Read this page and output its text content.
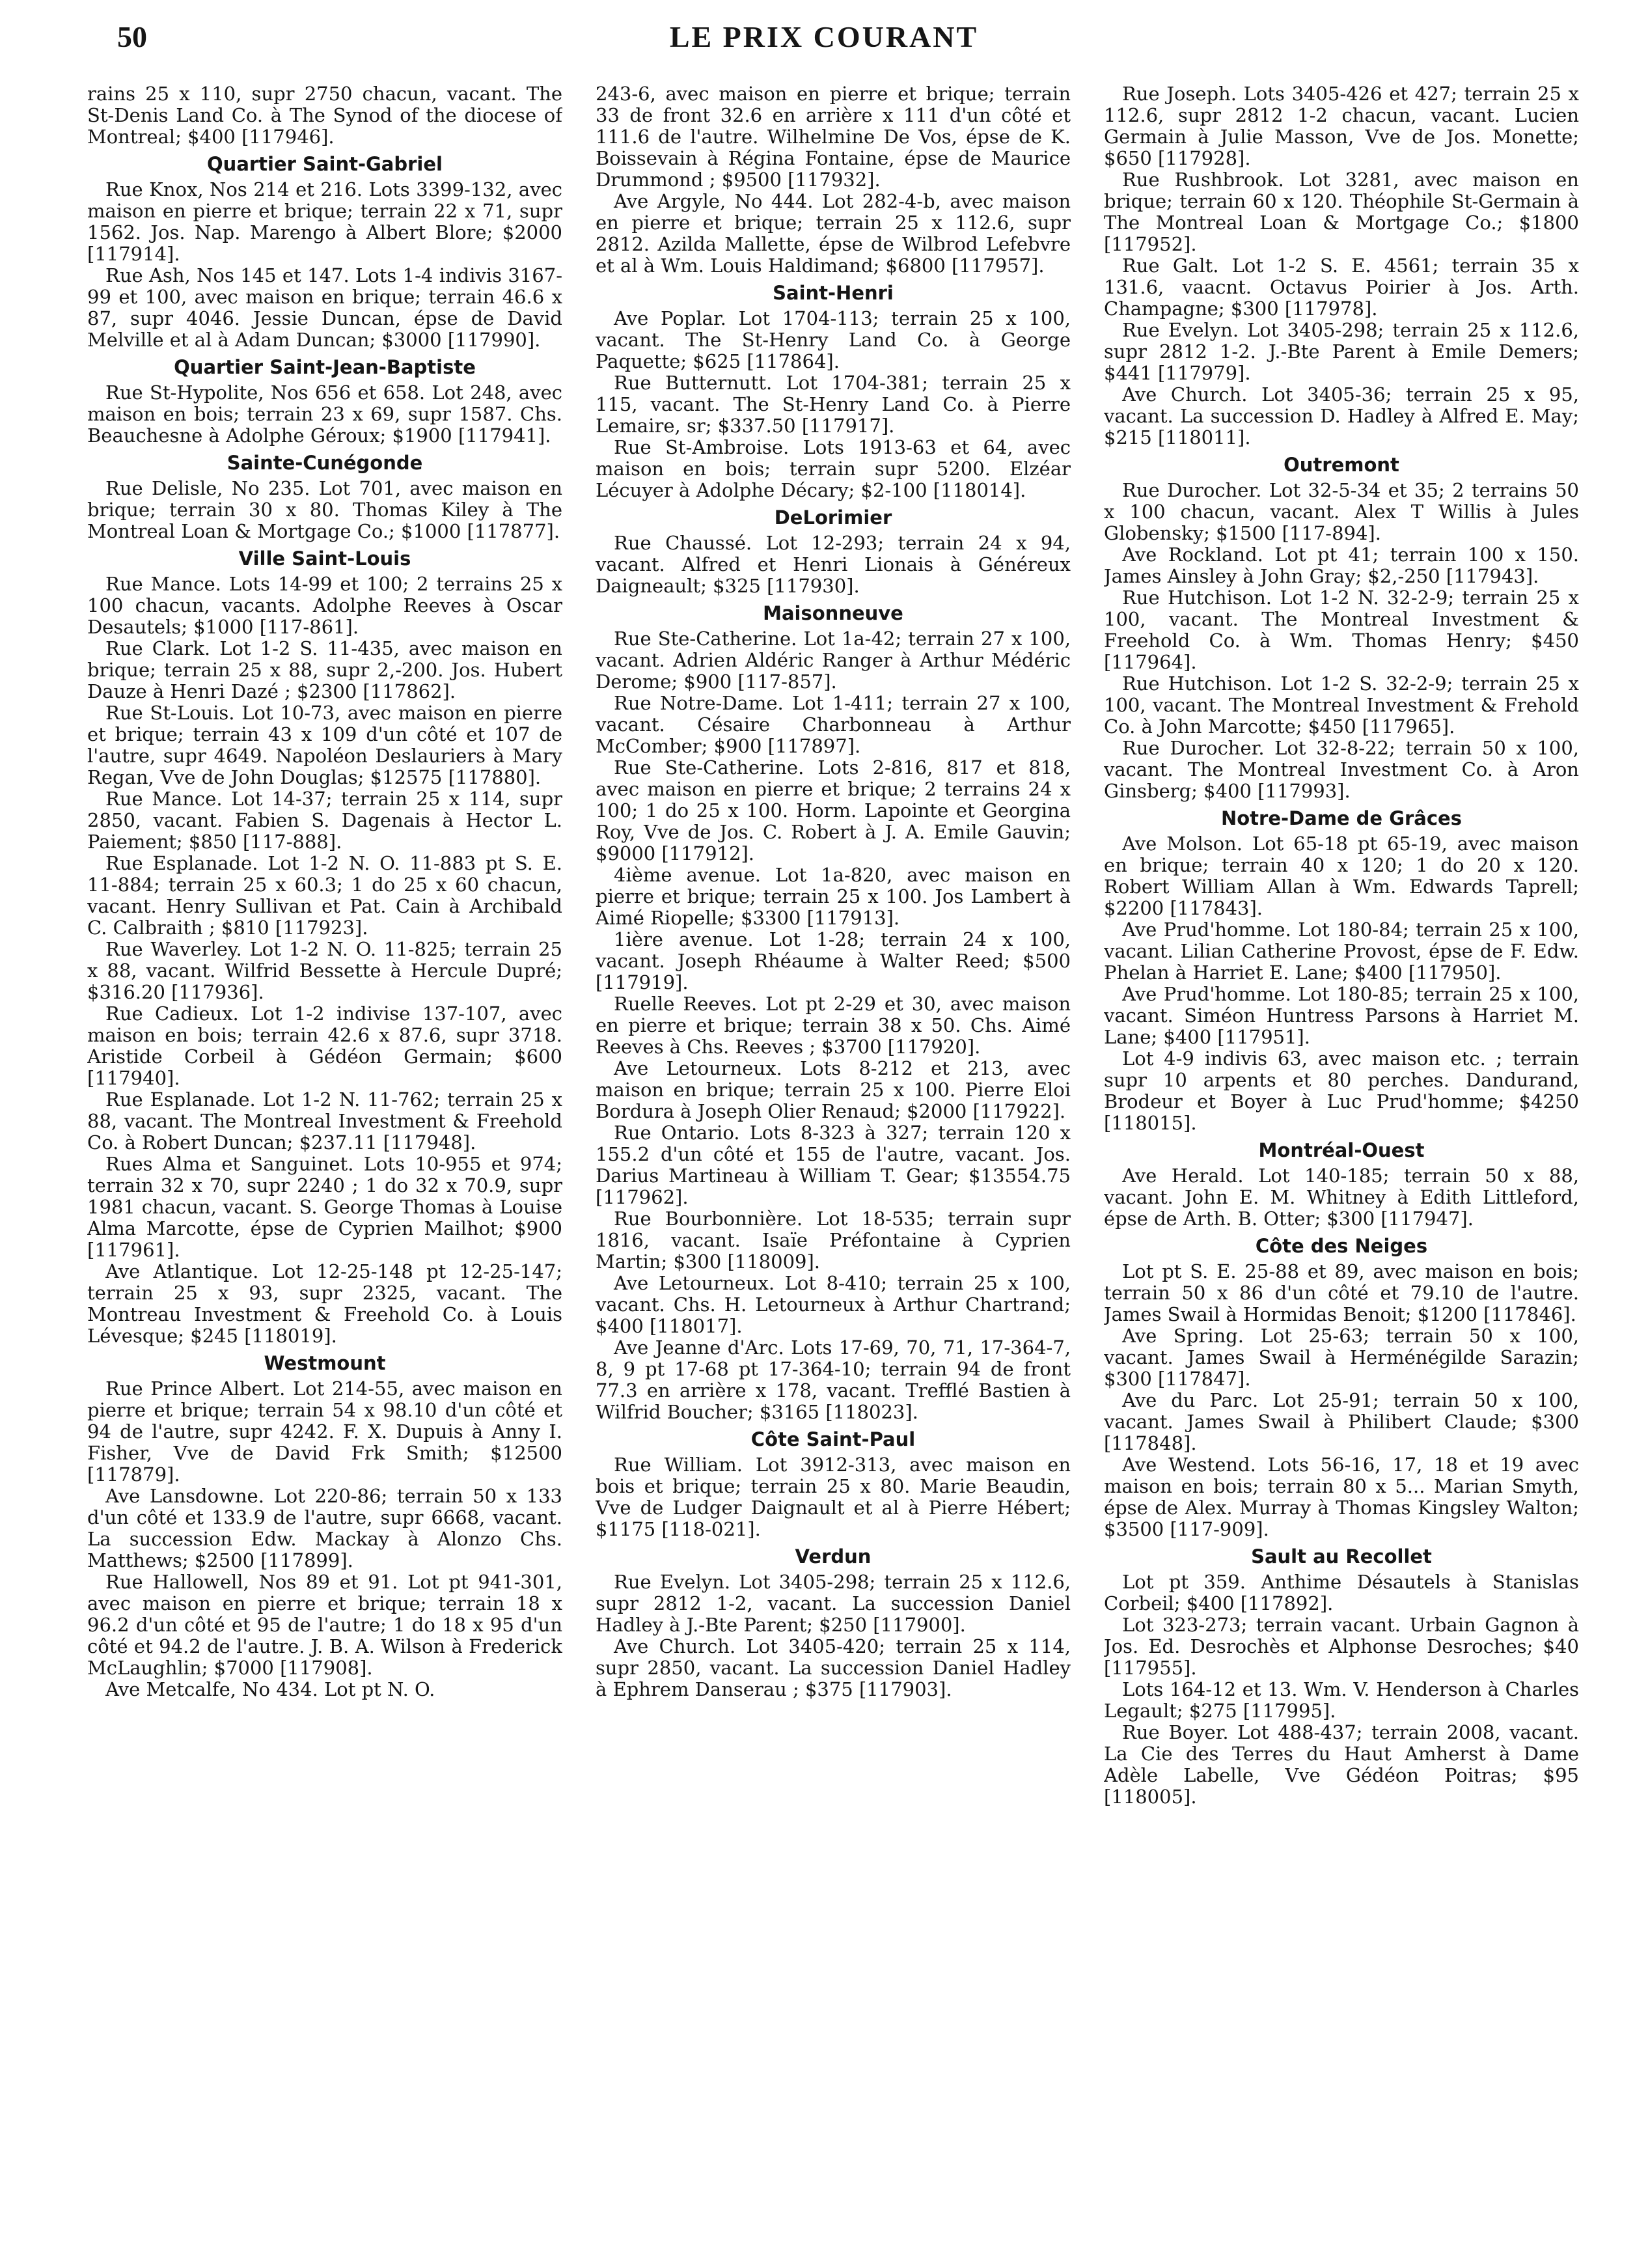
50	LE PRIX COURANT

rains 25 x 110, supr 2750 chacun, vacant. The St-Denis Land Co. à The Synod of the diocese of Montreal; $400 [117946].

Quartier Saint-Gabriel

Rue Knox, Nos 214 et 216. Lots 3399-132, avec maison en pierre et brique; terrain 22 x 71, supr 1562. Jos. Nap. Marengo à Albert Blore; $2000 [117914].

Rue Ash, Nos 145 et 147. Lots 1-4 indivis 3167-99 et 100, avec maison en brique; terrain 46.6 x 87, supr 4046. Jessie Duncan, épse de David Melville et al à Adam Duncan; $3000 [117990].

Quartier Saint-Jean-Baptiste

Rue St-Hypolite, Nos 656 et 658. Lot 248, avec maison en bois; terrain 23 x 69, supr 1587. Chs. Beauchesne à Adolphe Géroux; $1900 [117941].

Sainte-Cunégonde

Rue Delisle, No 235. Lot 701, avec maison en brique; terrain 30 x 80. Thomas Kiley à The Montreal Loan & Mortgage Co.; $1000 [117877].

Ville Saint-Louis

Rue Mance. Lots 14-99 et 100; 2 terrains 25 x 100 chacun, vacants. Adolphe Reeves à Oscar Desautels; $1000 [117-861].

Rue Clark. Lot 1-2 S. 11-435, avec maison en brique; terrain 25 x 88, supr 2,-200. Jos. Hubert Dauze à Henri Dazé ; $2300 [117862].

Rue St-Louis. Lot 10-73, avec maison en pierre et brique; terrain 43 x 109 d'un côté et 107 de l'autre, supr 4649. Napoléon Deslauriers à Mary Regan, Vve de John Douglas; $12575 [117880].

Rue Mance. Lot 14-37; terrain 25 x 114, supr 2850, vacant. Fabien S. Dagenais à Hector L. Paiement; $850 [117-888].

Rue Esplanade. Lot 1-2 N. O. 11-883 pt S. E. 11-884; terrain 25 x 60.3; 1 do 25 x 60 chacun, vacant. Henry Sullivan et Pat. Cain à Archibald C. Calbraith ; $810 [117923].

Rue Waverley. Lot 1-2 N. O. 11-825; terrain 25 x 88, vacant. Wilfrid Bessette à Hercule Dupré; $316.20 [117936].

Rue Cadieux. Lot 1-2 indivise 137-107, avec maison en bois; terrain 42.6 x 87.6, supr 3718. Aristide Corbeil à Gédéon Germain; $600 [117940].

Rue Esplanade. Lot 1-2 N. 11-762; terrain 25 x 88, vacant. The Montreal Investment & Freehold Co. à Robert Duncan; $237.11 [117948].

Rues Alma et Sanguinet. Lots 10-955 et 974; terrain 32 x 70, supr 2240 ; 1 do 32 x 70.9, supr 1981 chacun, vacant. S. George Thomas à Louise Alma Marcotte, épse de Cyprien Mailhot; $900 [117961].

Ave Atlantique. Lot 12-25-148 pt 12-25-147; terrain 25 x 93, supr 2325, vacant. The Montreau Investment & Freehold Co. à Louis Lévesque; $245 [118019].

Westmount

Rue Prince Albert. Lot 214-55, avec maison en pierre et brique; terrain 54 x 98.10 d'un côté et 94 de l'autre, supr 4242. F. X. Dupuis à Anny I. Fisher, Vve de David Frk Smith; $12500 [117879].

Ave Lansdowne. Lot 220-86; terrain 50 x 133 d'un côté et 133.9 de l'autre, supr 6668, vacant. La succession Edw. Mackay à Alonzo Chs. Matthews; $2500 [117899].

Rue Hallowell, Nos 89 et 91. Lot pt 941-301, avec maison en pierre et brique; terrain 18 x 96.2 d'un côté et 95 de l'autre; 1 do 18 x 95 d'un côté et 94.2 de l'autre. J. B. A. Wilson à Frederick McLaughlin; $7000 [117908].

Ave Metcalfe, No 434. Lot pt N. O.

243-6, avec maison en pierre et brique; terrain 33 de front 32.6 en arrière x 111 d'un côté et 111.6 de l'autre. Wilhelmine De Vos, épse de K. Boissevain à Régina Fontaine, épse de Maurice Drummond ; $9500 [117932].

Ave Argyle, No 444. Lot 282-4-b, avec maison en pierre et brique; terrain 25 x 112.6, supr 2812. Azilda Mallette, épse de Wilbrod Lefebvre et al à Wm. Louis Haldimand; $6800 [117957].

Saint-Henri

Ave Poplar. Lot 1704-113; terrain 25 x 100, vacant. The St-Henry Land Co. à George Paquette; $625 [117864].

Rue Butternutt. Lot 1704-381; terrain 25 x 115, vacant. The St-Henry Land Co. à Pierre Lemaire, sr; $337.50 [117917].

Rue St-Ambroise. Lots 1913-63 et 64, avec maison en bois; terrain supr 5200. Elzéar Lécuyer à Adolphe Décary; $2-100 [118014].

DeLorimier

Rue Chaussé. Lot 12-293; terrain 24 x 94, vacant. Alfred et Henri Lionais à Généreux Daigneault; $325 [117930].

Maisonneuve

Rue Ste-Catherine. Lot 1a-42; terrain 27 x 100, vacant. Adrien Aldéric Ranger à Arthur Médéric Derome; $900 [117-857].

Rue Notre-Dame. Lot 1-411; terrain 27 x 100, vacant. Césaire Charbonneau à Arthur McComber; $900 [117897].

Rue Ste-Catherine. Lots 2-816, 817 et 818, avec maison en pierre et brique; 2 terrains 24 x 100; 1 do 25 x 100. Horm. Lapointe et Georgina Roy, Vve de Jos. C. Robert à J. A. Emile Gauvin; $9000 [117912].

4ième avenue. Lot 1a-820, avec maison en pierre et brique; terrain 25 x 100. Jos Lambert à Aimé Riopelle; $3300 [117913].

1ière avenue. Lot 1-28; terrain 24 x 100, vacant. Joseph Rhéaume à Walter Reed; $500 [117919].

Ruelle Reeves. Lot pt 2-29 et 30, avec maison en pierre et brique; terrain 38 x 50. Chs. Aimé Reeves à Chs. Reeves ; $3700 [117920].

Ave Letourneux. Lots 8-212 et 213, avec maison en brique; terrain 25 x 100. Pierre Eloi Bordura à Joseph Olier Renaud; $2000 [117922].

Rue Ontario. Lots 8-323 à 327; terrain 120 x 155.2 d'un côté et 155 de l'autre, vacant. Jos. Darius Martineau à William T. Gear; $13554.75 [117962].

Rue Bourbonnière. Lot 18-535; terrain supr 1816, vacant. Isaïe Préfontaine à Cyprien Martin; $300 [118009].

Ave Letourneux. Lot 8-410; terrain 25 x 100, vacant. Chs. H. Letourneux à Arthur Chartrand; $400 [118017].

Ave Jeanne d'Arc. Lots 17-69, 70, 71, 17-364-7, 8, 9 pt 17-68 pt 17-364-10; terrain 94 de front 77.3 en arrière x 178, vacant. Trefflé Bastien à Wilfrid Boucher; $3165 [118023].

Côte Saint-Paul

Rue William. Lot 3912-313, avec maison en bois et brique; terrain 25 x 80. Marie Beaudin, Vve de Ludger Daignault et al à Pierre Hébert; $1175 [118-021].

Verdun

Rue Evelyn. Lot 3405-298; terrain 25 x 112.6, supr 2812 1-2, vacant. La succession Daniel Hadley à J.-Bte Parent; $250 [117900].

Ave Church. Lot 3405-420; terrain 25 x 114, supr 2850, vacant. La succession Daniel Hadley à Ephrem Danserau ; $375 [117903].

Rue Joseph. Lots 3405-426 et 427; terrain 25 x 112.6, supr 2812 1-2 chacun, vacant. Lucien Germain à Julie Masson, Vve de Jos. Monette; $650 [117928].

Rue Rushbrook. Lot 3281, avec maison en brique; terrain 60 x 120. Théophile St-Germain à The Montreal Loan & Mortgage Co.; $1800 [117952].

Rue Galt. Lot 1-2 S. E. 4561; terrain 35 x 131.6, vaacnt. Octavus Poirier à Jos. Arth. Champagne; $300 [117978].

Rue Evelyn. Lot 3405-298; terrain 25 x 112.6, supr 2812 1-2. J.-Bte Parent à Emile Demers; $441 [117979].

Ave Church. Lot 3405-36; terrain 25 x 95, vacant. La succession D. Hadley à Alfred E. May; $215 [118011].

Outremont

Rue Durocher. Lot 32-5-34 et 35; 2 terrains 50 x 100 chacun, vacant. Alex T Willis à Jules Globensky; $1500 [117-894].

Ave Rockland. Lot pt 41; terrain 100 x 150. James Ainsley à John Gray; $2,-250 [117943].

Rue Hutchison. Lot 1-2 N. 32-2-9; terrain 25 x 100, vacant. The Montreal Investment & Freehold Co. à Wm. Thomas Henry; $450 [117964].

Rue Hutchison. Lot 1-2 S. 32-2-9; terrain 25 x 100, vacant. The Montreal Investment & Frehold Co. à John Marcotte; $450 [117965].

Rue Durocher. Lot 32-8-22; terrain 50 x 100, vacant. The Montreal Investment Co. à Aron Ginsberg; $400 [117993].

Notre-Dame de Grâces

Ave Molson. Lot 65-18 pt 65-19, avec maison en brique; terrain 40 x 120; 1 do 20 x 120. Robert William Allan à Wm. Edwards Taprell; $2200 [117843].

Ave Prud'homme. Lot 180-84; terrain 25 x 100, vacant. Lilian Catherine Provost, épse de F. Edw. Phelan à Harriet E. Lane; $400 [117950].

Ave Prud'homme. Lot 180-85; terrain 25 x 100, vacant. Siméon Huntress Parsons à Harriet M. Lane; $400 [117951].

Lot 4-9 indivis 63, avec maison etc. ; terrain supr 10 arpents et 80 perches. Dandurand, Brodeur et Boyer à Luc Prud'homme; $4250 [118015].

Montréal-Ouest

Ave Herald. Lot 140-185; terrain 50 x 88, vacant. John E. M. Whitney à Edith Littleford, épse de Arth. B. Otter; $300 [117947].

Côte des Neiges

Lot pt S. E. 25-88 et 89, avec maison en bois; terrain 50 x 86 d'un côté et 79.10 de l'autre. James Swail à Hormidas Benoit; $1200 [117846].

Ave Spring. Lot 25-63; terrain 50 x 100, vacant. James Swail à Herménégilde Sarazin; $300 [117847].

Ave du Parc. Lot 25-91; terrain 50 x 100, vacant. James Swail à Philibert Claude; $300 [117848].

Ave Westend. Lots 56-16, 17, 18 et 19 avec maison en bois; terrain 80 x 5... Marian Smyth, épse de Alex. Murray à Thomas Kingsley Walton; $3500 [117-909].

Sault au Recollet

Lot pt 359. Anthime Désautels à Stanislas Corbeil; $400 [117892].

Lot 323-273; terrain vacant. Urbain Gagnon à Jos. Ed. Desrochès et Alphonse Desroches; $40 [117955].

Lots 164-12 et 13. Wm. V. Henderson à Charles Legault; $275 [117995].

Rue Boyer. Lot 488-437; terrain 2008, vacant. La Cie des Terres du Haut Amherst à Dame Adèle Labelle, Vve Gédéon Poitras; $95 [118005].
